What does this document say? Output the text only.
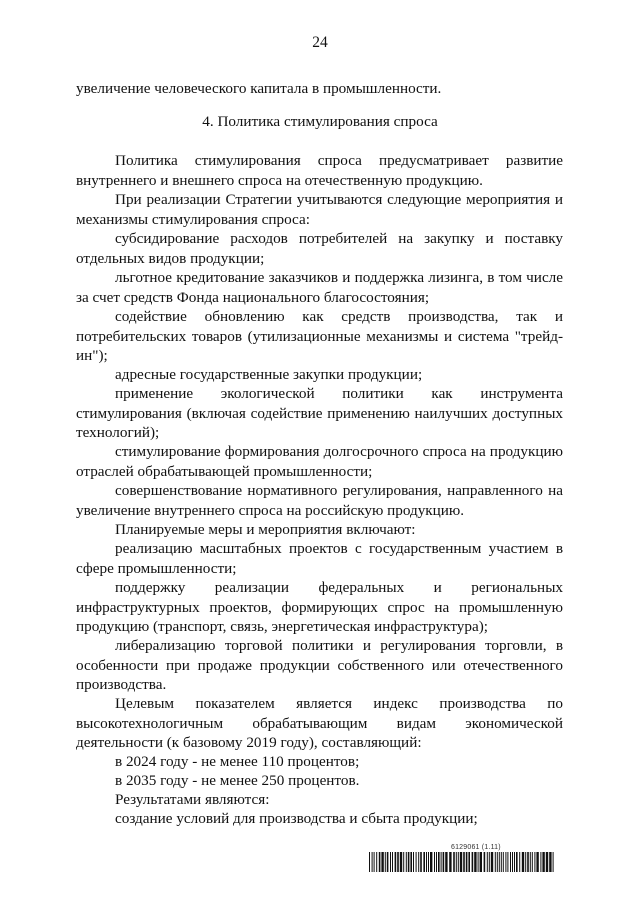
24
увеличение человеческого капитала в промышленности.
4. Политика стимулирования спроса
Политика стимулирования спроса предусматривает развитие внутреннего и внешнего спроса на отечественную продукцию.
При реализации Стратегии учитываются следующие мероприятия и механизмы стимулирования спроса:
субсидирование расходов потребителей на закупку и поставку отдельных видов продукции;
льготное кредитование заказчиков и поддержка лизинга, в том числе за счет средств Фонда национального благосостояния;
содействие обновлению как средств производства, так и потребительских товаров (утилизационные механизмы и система "трейд-ин");
адресные государственные закупки продукции;
применение экологической политики как инструмента стимулирования (включая содействие применению наилучших доступных технологий);
стимулирование формирования долгосрочного спроса на продукцию отраслей обрабатывающей промышленности;
совершенствование нормативного регулирования, направленного на увеличение внутреннего спроса на российскую продукцию.
Планируемые меры и мероприятия включают:
реализацию масштабных проектов с государственным участием в сфере промышленности;
поддержку реализации федеральных и региональных инфраструктурных проектов, формирующих спрос на промышленную продукцию (транспорт, связь, энергетическая инфраструктура);
либерализацию торговой политики и регулирования торговли, в особенности при продаже продукции собственного или отечественного производства.
Целевым показателем является индекс производства по высокотехнологичным обрабатывающим видам экономической деятельности (к базовому 2019 году), составляющий:
в 2024 году - не менее 110 процентов;
в 2035 году - не менее 250 процентов.
Результатами являются:
создание условий для производства и сбыта продукции;
6129061 (1.11)
